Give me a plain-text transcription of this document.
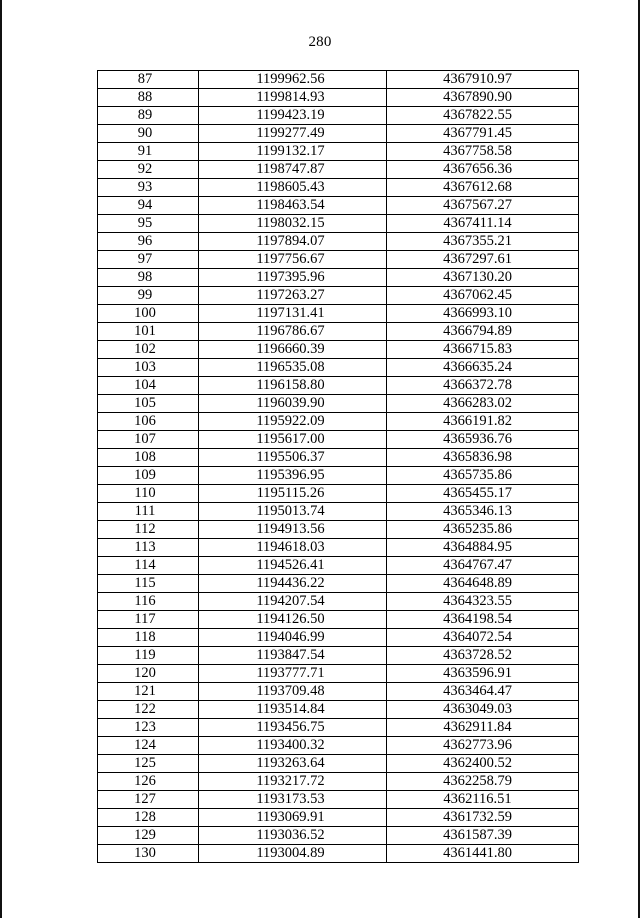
280
87	1199962.56	4367910.97
88	1199814.93	4367890.90
89	1199423.19	4367822.55
90	1199277.49	4367791.45
91	1199132.17	4367758.58
92	1198747.87	4367656.36
93	1198605.43	4367612.68
94	1198463.54	4367567.27
95	1198032.15	4367411.14
96	1197894.07	4367355.21
97	1197756.67	4367297.61
98	1197395.96	4367130.20
99	1197263.27	4367062.45
100	1197131.41	4366993.10
101	1196786.67	4366794.89
102	1196660.39	4366715.83
103	1196535.08	4366635.24
104	1196158.80	4366372.78
105	1196039.90	4366283.02
106	1195922.09	4366191.82
107	1195617.00	4365936.76
108	1195506.37	4365836.98
109	1195396.95	4365735.86
110	1195115.26	4365455.17
111	1195013.74	4365346.13
112	1194913.56	4365235.86
113	1194618.03	4364884.95
114	1194526.41	4364767.47
115	1194436.22	4364648.89
116	1194207.54	4364323.55
117	1194126.50	4364198.54
118	1194046.99	4364072.54
119	1193847.54	4363728.52
120	1193777.71	4363596.91
121	1193709.48	4363464.47
122	1193514.84	4363049.03
123	1193456.75	4362911.84
124	1193400.32	4362773.96
125	1193263.64	4362400.52
126	1193217.72	4362258.79
127	1193173.53	4362116.51
128	1193069.91	4361732.59
129	1193036.52	4361587.39
130	1193004.89	4361441.80
